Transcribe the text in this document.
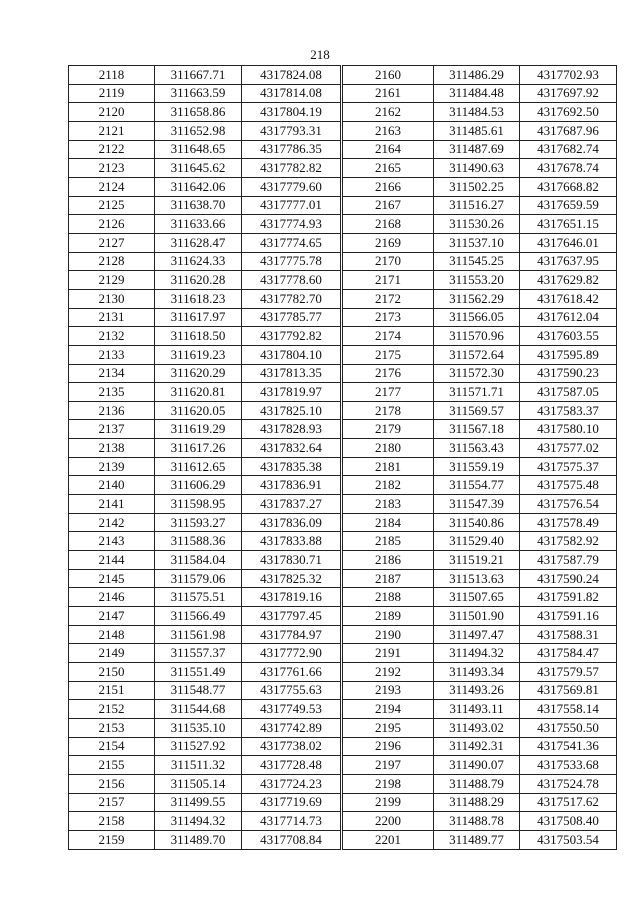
218
2118	311667.71	4317824.08
2119	311663.59	4317814.08
2120	311658.86	4317804.19
2121	311652.98	4317793.31
2122	311648.65	4317786.35
2123	311645.62	4317782.82
2124	311642.06	4317779.60
2125	311638.70	4317777.01
2126	311633.66	4317774.93
2127	311628.47	4317774.65
2128	311624.33	4317775.78
2129	311620.28	4317778.60
2130	311618.23	4317782.70
2131	311617.97	4317785.77
2132	311618.50	4317792.82
2133	311619.23	4317804.10
2134	311620.29	4317813.35
2135	311620.81	4317819.97
2136	311620.05	4317825.10
2137	311619.29	4317828.93
2138	311617.26	4317832.64
2139	311612.65	4317835.38
2140	311606.29	4317836.91
2141	311598.95	4317837.27
2142	311593.27	4317836.09
2143	311588.36	4317833.88
2144	311584.04	4317830.71
2145	311579.06	4317825.32
2146	311575.51	4317819.16
2147	311566.49	4317797.45
2148	311561.98	4317784.97
2149	311557.37	4317772.90
2150	311551.49	4317761.66
2151	311548.77	4317755.63
2152	311544.68	4317749.53
2153	311535.10	4317742.89
2154	311527.92	4317738.02
2155	311511.32	4317728.48
2156	311505.14	4317724.23
2157	311499.55	4317719.69
2158	311494.32	4317714.73
2159	311489.70	4317708.84
2160	311486.29	4317702.93
2161	311484.48	4317697.92
2162	311484.53	4317692.50
2163	311485.61	4317687.96
2164	311487.69	4317682.74
2165	311490.63	4317678.74
2166	311502.25	4317668.82
2167	311516.27	4317659.59
2168	311530.26	4317651.15
2169	311537.10	4317646.01
2170	311545.25	4317637.95
2171	311553.20	4317629.82
2172	311562.29	4317618.42
2173	311566.05	4317612.04
2174	311570.96	4317603.55
2175	311572.64	4317595.89
2176	311572.30	4317590.23
2177	311571.71	4317587.05
2178	311569.57	4317583.37
2179	311567.18	4317580.10
2180	311563.43	4317577.02
2181	311559.19	4317575.37
2182	311554.77	4317575.48
2183	311547.39	4317576.54
2184	311540.86	4317578.49
2185	311529.40	4317582.92
2186	311519.21	4317587.79
2187	311513.63	4317590.24
2188	311507.65	4317591.82
2189	311501.90	4317591.16
2190	311497.47	4317588.31
2191	311494.32	4317584.47
2192	311493.34	4317579.57
2193	311493.26	4317569.81
2194	311493.11	4317558.14
2195	311493.02	4317550.50
2196	311492.31	4317541.36
2197	311490.07	4317533.68
2198	311488.79	4317524.78
2199	311488.29	4317517.62
2200	311488.78	4317508.40
2201	311489.77	4317503.54
